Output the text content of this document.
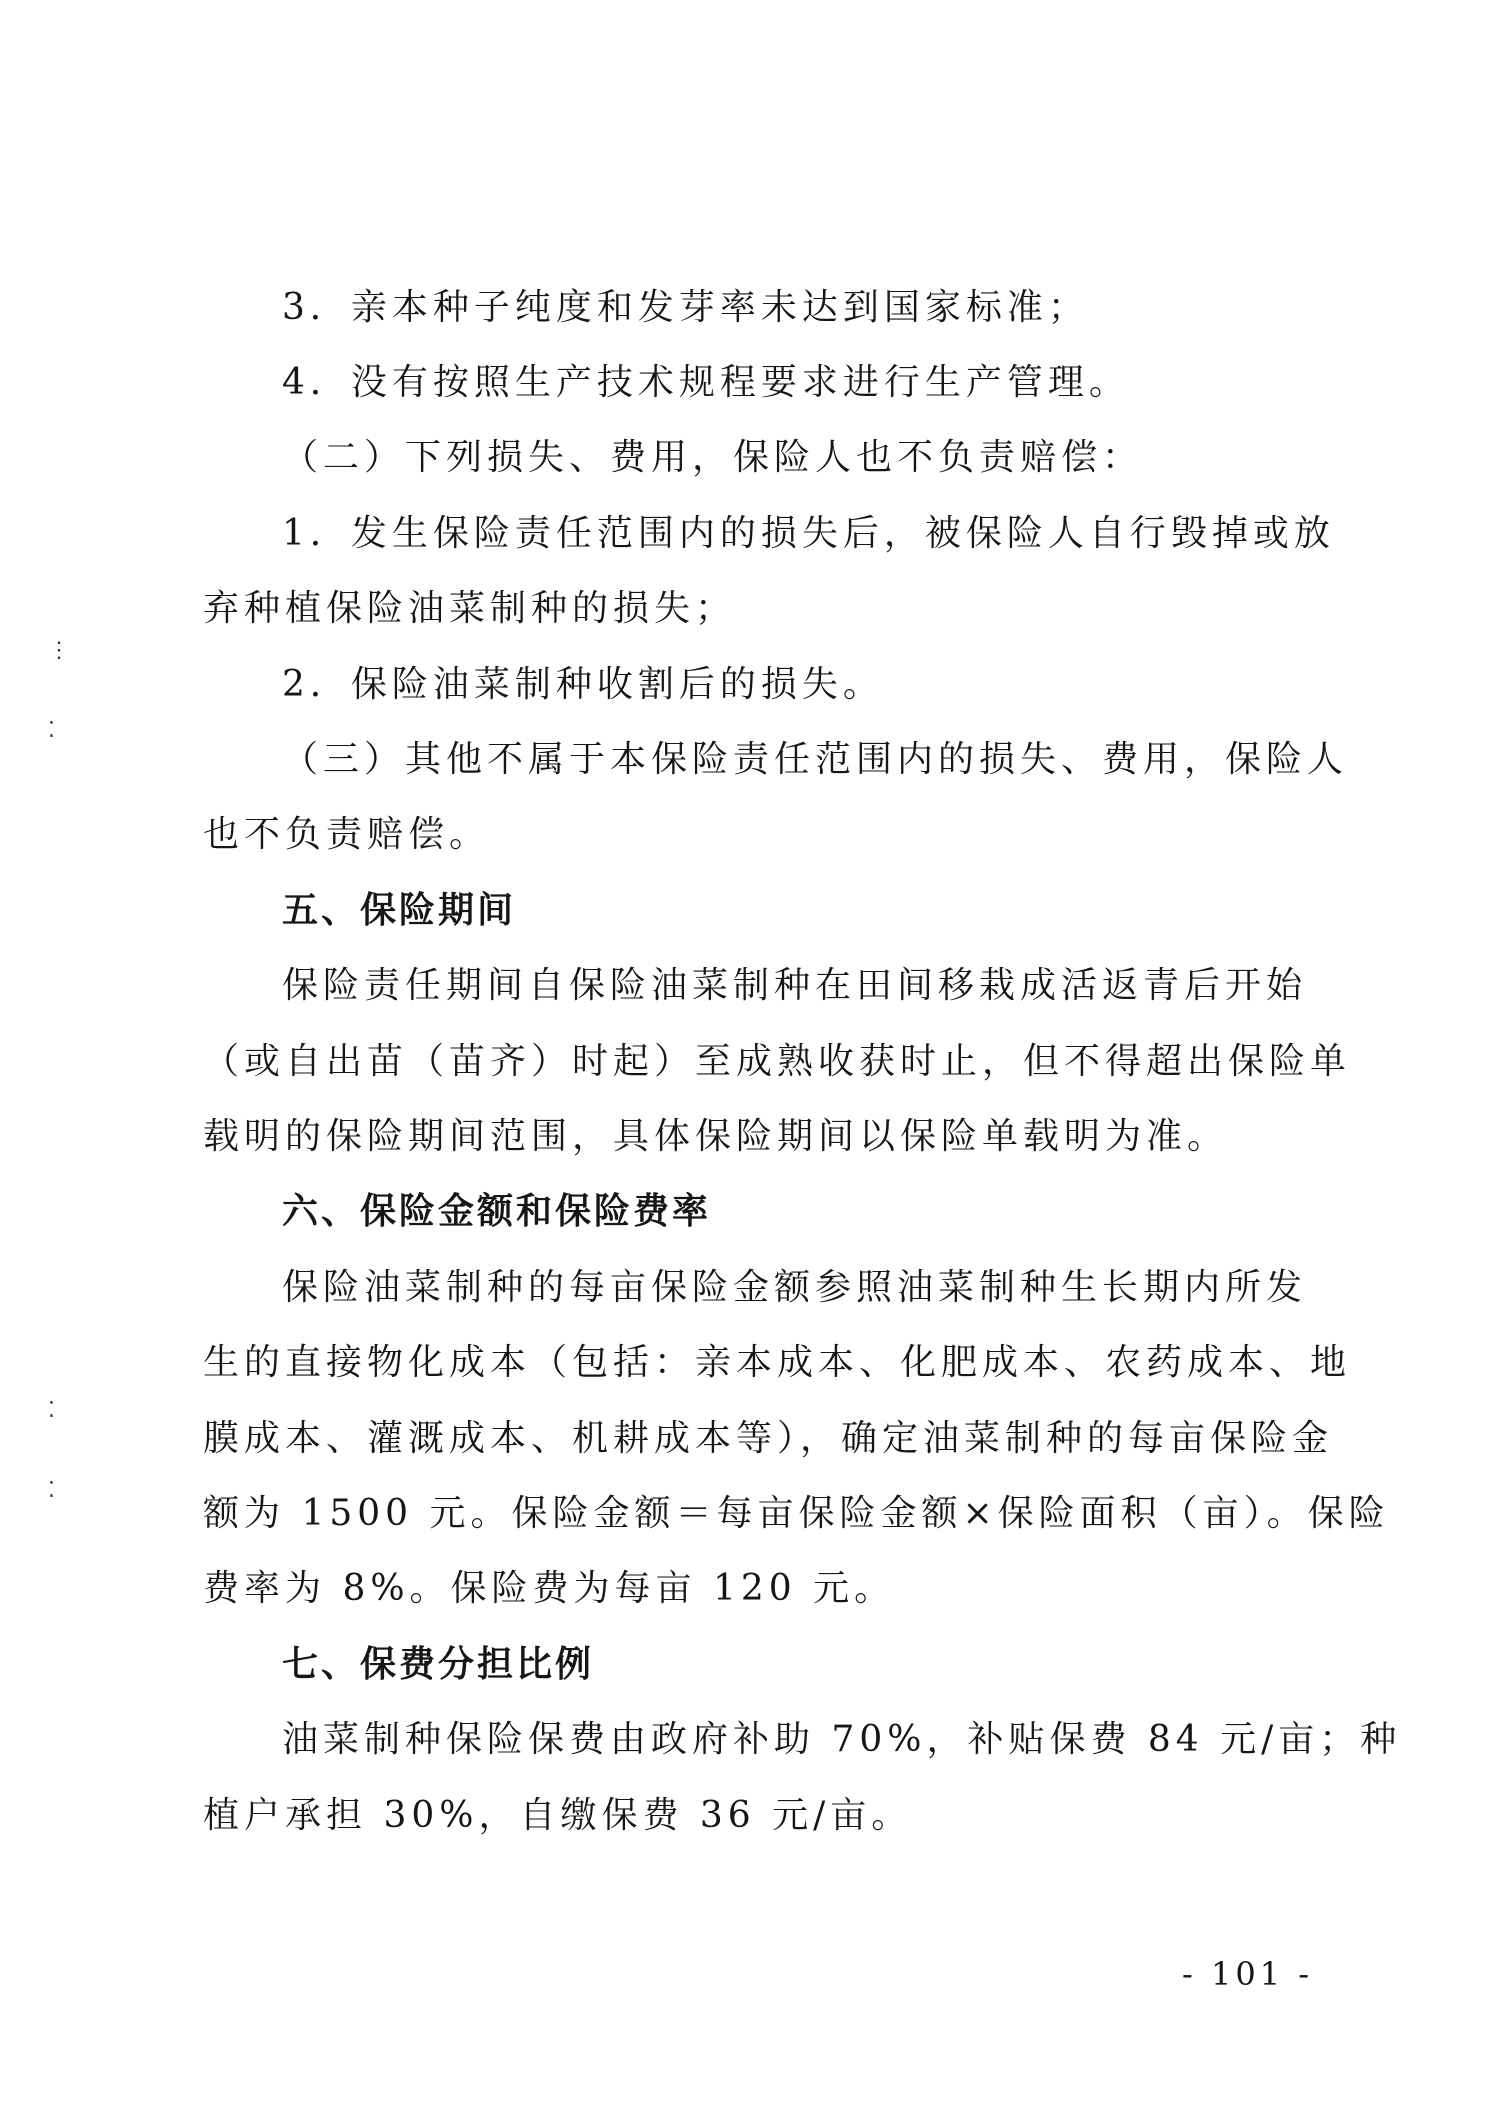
3．亲本种子纯度和发芽率未达到国家标准；
4．没有按照生产技术规程要求进行生产管理。
（二）下列损失、费用，保险人也不负责赔偿：
1．发生保险责任范围内的损失后，被保险人自行毁掉或放
弃种植保险油菜制种的损失；
2．保险油菜制种收割后的损失。
（三）其他不属于本保险责任范围内的损失、费用，保险人
也不负责赔偿。
五、保险期间
保险责任期间自保险油菜制种在田间移栽成活返青后开始
（或自出苗（苗齐）时起）至成熟收获时止，但不得超出保险单
载明的保险期间范围，具体保险期间以保险单载明为准。
六、保险金额和保险费率
保险油菜制种的每亩保险金额参照油菜制种生长期内所发
生的直接物化成本（包括：亲本成本、化肥成本、农药成本、地
膜成本、灌溉成本、机耕成本等），确定油菜制种的每亩保险金
额为 1500 元。保险金额＝每亩保险金额×保险面积（亩）。保险
费率为 8%。保险费为每亩 120 元。
七、保费分担比例
油菜制种保险保费由政府补助 70%，补贴保费 84 元/亩；种
植户承担 30%，自缴保费 36 元/亩。
- 101 -
⋮
⁚
⁚
⁚
